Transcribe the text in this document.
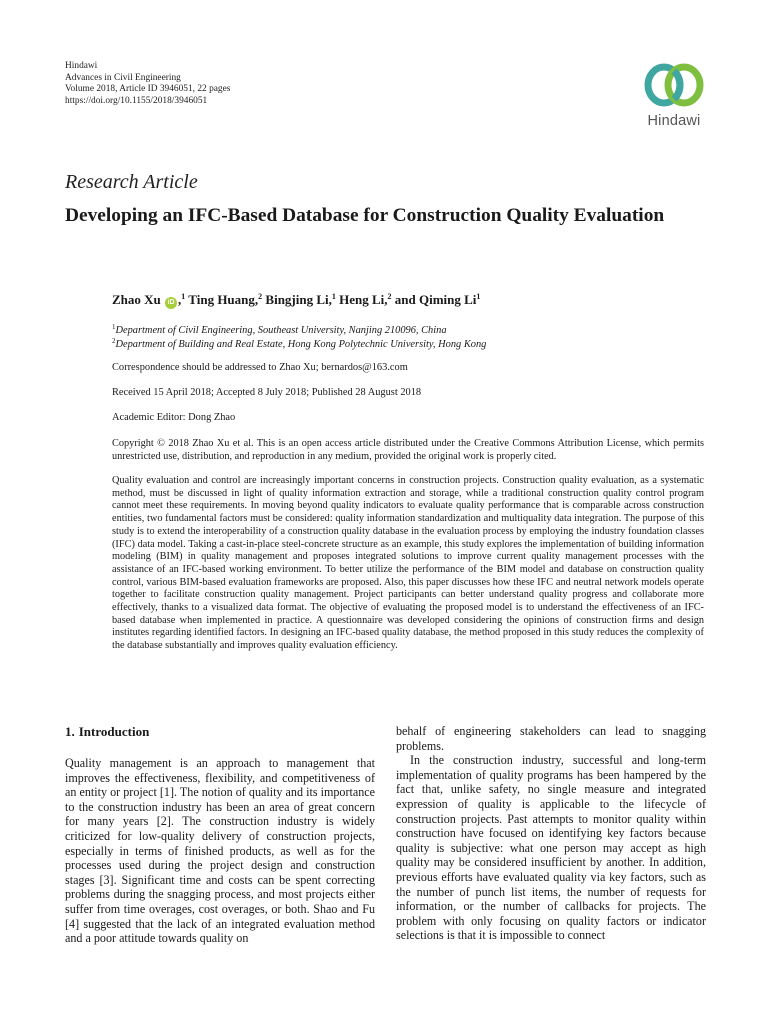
Hindawi
Advances in Civil Engineering
Volume 2018, Article ID 3946051, 22 pages
https://doi.org/10.1155/2018/3946051
Hindawi
Research Article
Developing an IFC-Based Database for Construction Quality Evaluation
Zhao Xu iD ,$^1$ Ting Huang,$^2$ Bingjing Li,$^1$ Heng Li,$^2$ and Qiming Li$^1$
$^1$Department of Civil Engineering, Southeast University, Nanjing 210096, China
$^2$Department of Building and Real Estate, Hong Kong Polytechnic University, Hong Kong
Correspondence should be addressed to Zhao Xu; bernardos@163.com
Received 15 April 2018; Accepted 8 July 2018; Published 28 August 2018
Academic Editor: Dong Zhao
Copyright © 2018 Zhao Xu et al. This is an open access article distributed under the Creative Commons Attribution License, which permits unrestricted use, distribution, and reproduction in any medium, provided the original work is properly cited.
Quality evaluation and control are increasingly important concerns in construction projects. Construction quality evaluation, as a systematic method, must be discussed in light of quality information extraction and storage, while a traditional construction quality control program cannot meet these requirements. In moving beyond quality indicators to evaluate quality performance that is comparable across construction entities, two fundamental factors must be considered: quality information standardization and multiquality data integration. The purpose of this study is to extend the interoperability of a construction quality database in the evaluation process by employing the industry foundation classes (IFC) data model. Taking a cast-in-place steel-concrete structure as an example, this study explores the implementation of building information modeling (BIM) in quality management and proposes integrated solutions to improve current quality management processes with the assistance of an IFC-based working environment. To better utilize the performance of the BIM model and database on construction quality control, various BIM-based evaluation frameworks are proposed. Also, this paper discusses how these IFC and neutral network models operate together to facilitate construction quality management. Project participants can better understand quality progress and collaborate more effectively, thanks to a visualized data format. The objective of evaluating the proposed model is to understand the effectiveness of an IFC-based database when implemented in practice. A questionnaire was developed considering the opinions of construction firms and design institutes regarding identified factors. In designing an IFC-based quality database, the method proposed in this study reduces the complexity of the database substantially and improves quality evaluation efficiency.
1. Introduction

Quality management is an approach to management that improves the effectiveness, flexibility, and competitiveness of an entity or project [1]. The notion of quality and its importance to the construction industry has been an area of great concern for many years [2]. The construction industry is widely criticized for low-quality delivery of construction projects, especially in terms of finished products, as well as for the processes used during the project design and construction stages [3]. Significant time and costs can be spent correcting problems during the snagging process, and most projects either suffer from time overages, cost overages, or both. Shao and Fu [4] suggested that the lack of an integrated evaluation method and a poor attitude towards quality on

behalf of engineering stakeholders can lead to snagging problems.

In the construction industry, successful and long-term implementation of quality programs has been hampered by the fact that, unlike safety, no single measure and integrated expression of quality is applicable to the lifecycle of construction projects. Past attempts to monitor quality within construction have focused on identifying key factors because quality is subjective: what one person may accept as high quality may be considered insufficient by another. In addition, previous efforts have evaluated quality via key factors, such as the number of punch list items, the number of requests for information, or the number of callbacks for projects. The problem with only focusing on quality factors or indicator selections is that it is impossible to connect
